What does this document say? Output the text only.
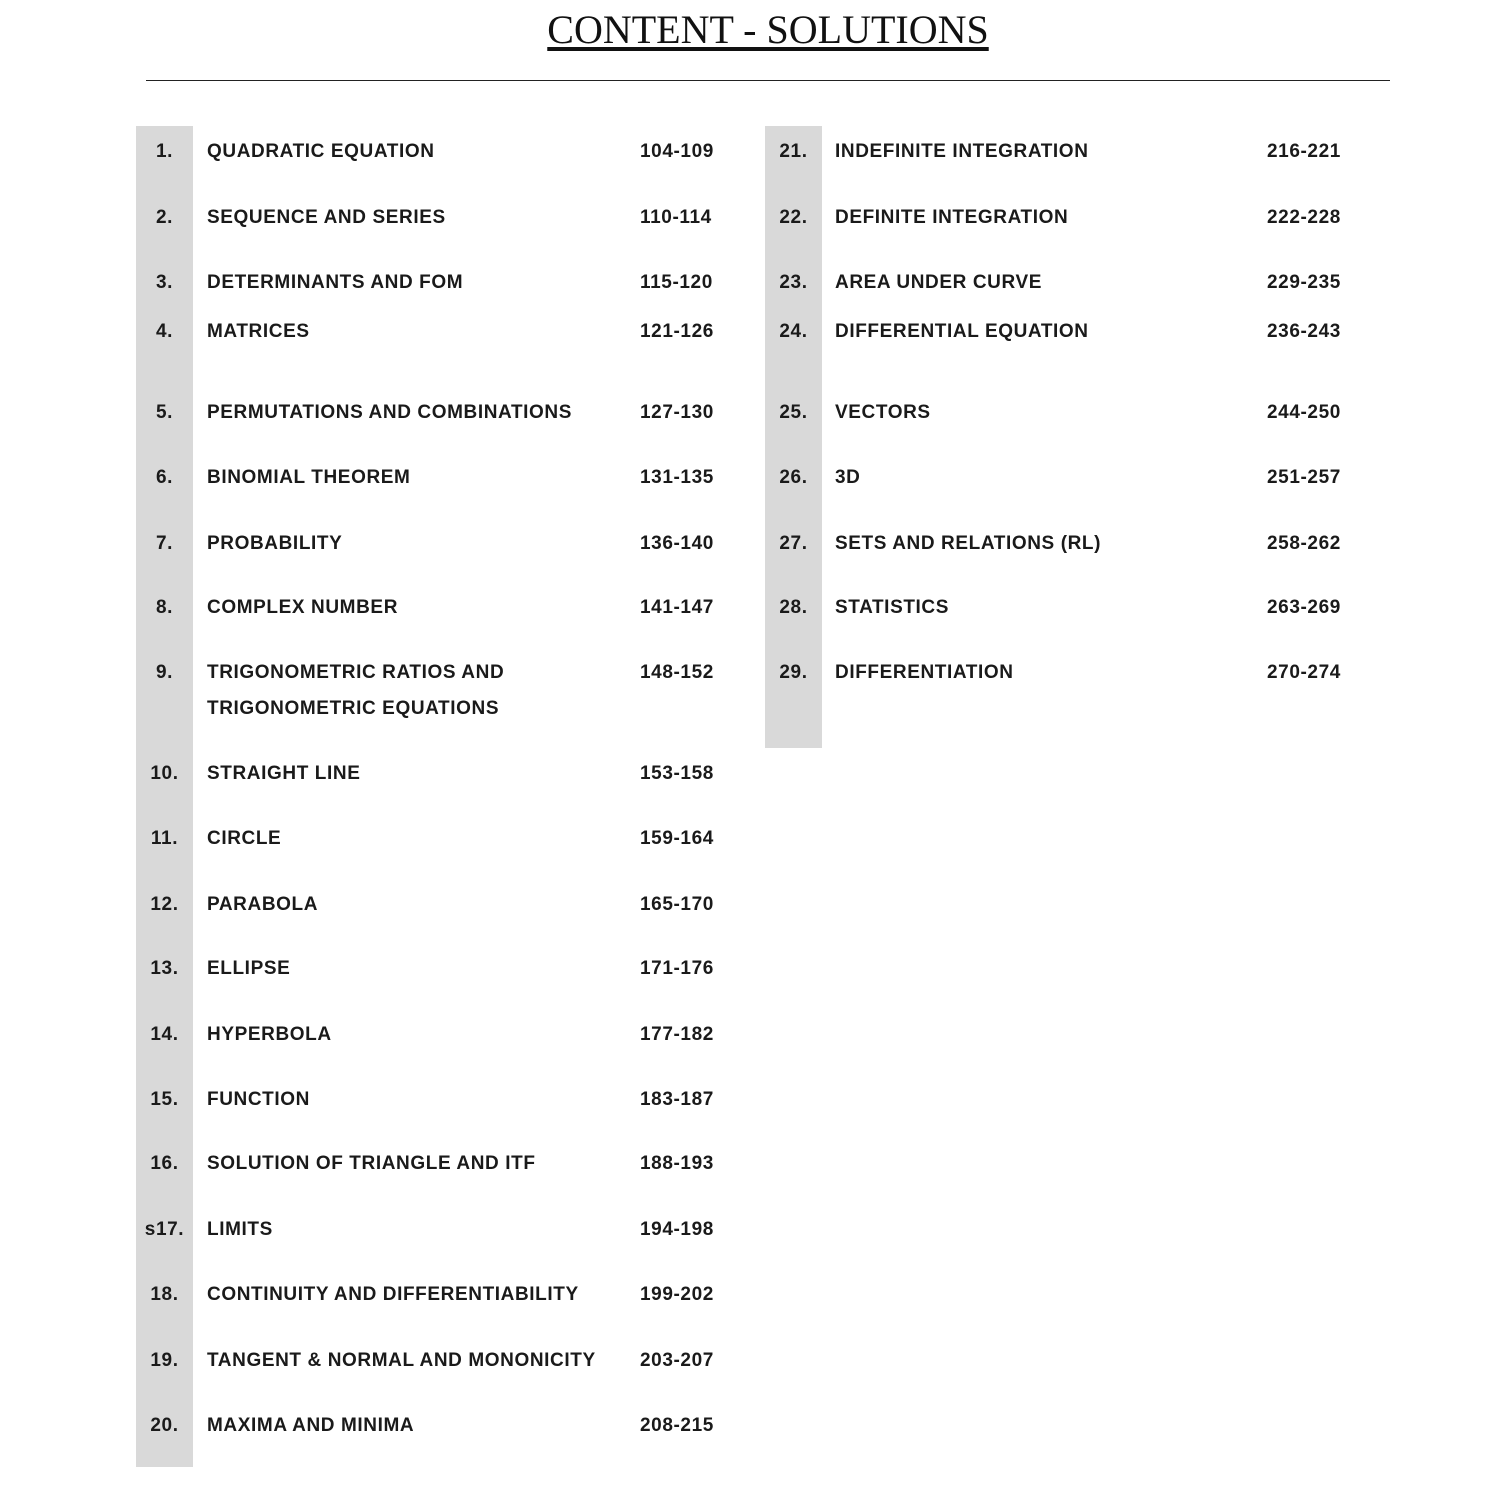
CONTENT - SOLUTIONS
1.	QUADRATIC EQUATION	104-109
2.	SEQUENCE AND SERIES	110-114
3.	DETERMINANTS AND FOM	115-120
4.	MATRICES	121-126
5.	PERMUTATIONS AND COMBINATIONS	127-130
6.	BINOMIAL THEOREM	131-135
7.	PROBABILITY	136-140
8.	COMPLEX NUMBER	141-147
9.	TRIGONOMETRIC RATIOS AND
TRIGONOMETRIC EQUATIONS
148-152
10.	STRAIGHT LINE	153-158
11.	CIRCLE	159-164
12.	PARABOLA	165-170
13.	ELLIPSE	171-176
14.	HYPERBOLA	177-182
15.	FUNCTION	183-187
16.	SOLUTION OF TRIANGLE AND ITF	188-193
s17.	LIMITS	194-198
18.	CONTINUITY AND DIFFERENTIABILITY	199-202
19.	TANGENT & NORMAL AND MONONICITY 203-207
20.	MAXIMA AND MINIMA	208-215
21.	INDEFINITE INTEGRATION	216-221
22.	DEFINITE INTEGRATION	222-228
23.	AREA UNDER CURVE	229-235
24.	DIFFERENTIAL EQUATION	236-243
25.	VECTORS	244-250
26.	3D	251-257
27.	SETS AND RELATIONS (RL)	258-262
28.	STATISTICS	263-269
29.	DIFFERENTIATION	270-274
